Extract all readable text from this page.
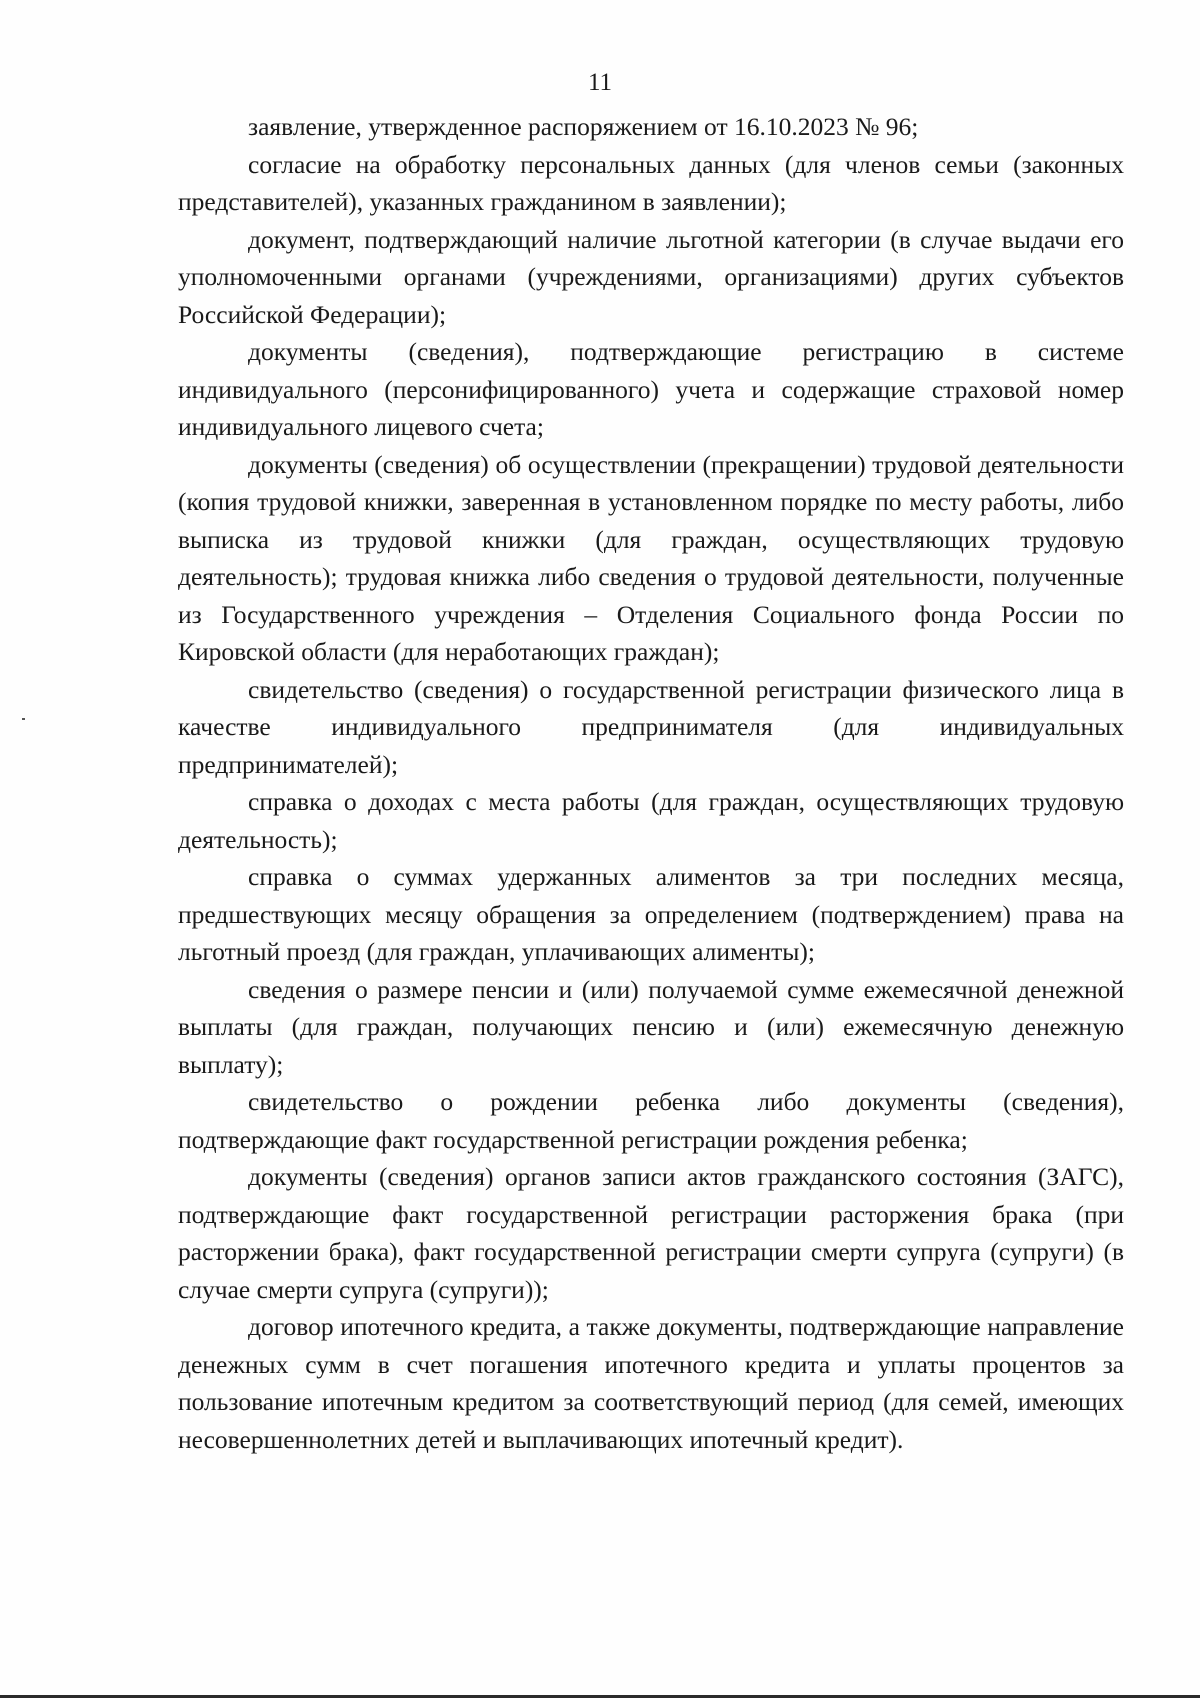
11

заявление, утвержденное распоряжением от 16.10.2023 № 96;

согласие на обработку персональных данных (для членов семьи (законных представителей), указанных гражданином в заявлении);

документ, подтверждающий наличие льготной категории (в случае выдачи его уполномоченными органами (учреждениями, организациями) других субъектов Российской Федерации);

документы (сведения), подтверждающие регистрацию в системе индивидуального (персонифицированного) учета и содержащие страховой номер индивидуального лицевого счета;

документы (сведения) об осуществлении (прекращении) трудовой деятельности (копия трудовой книжки, заверенная в установленном порядке по месту работы, либо выписка из трудовой книжки (для граждан, осуществляющих трудовую деятельность); трудовая книжка либо сведения о трудовой деятельности, полученные из Государственного учреждения – Отделения Социального фонда России по Кировской области (для неработающих граждан);

свидетельство (сведения) о государственной регистрации физического лица в качестве индивидуального предпринимателя (для индивидуальных предпринимателей);

справка о доходах с места работы (для граждан, осуществляющих трудовую деятельность);

справка о суммах удержанных алиментов за три последних месяца, предшествующих месяцу обращения за определением (подтверждением) права на льготный проезд (для граждан, уплачивающих алименты);

сведения о размере пенсии и (или) получаемой сумме ежемесячной денежной выплаты (для граждан, получающих пенсию и (или) ежемесячную денежную выплату);

свидетельство о рождении ребенка либо документы (сведения), подтверждающие факт государственной регистрации рождения ребенка;

документы (сведения) органов записи актов гражданского состояния (ЗАГС), подтверждающие факт государственной регистрации расторжения брака (при расторжении брака), факт государственной регистрации смерти супруга (супруги) (в случае смерти супруга (супруги));

договор ипотечного кредита, а также документы, подтверждающие направление денежных сумм в счет погашения ипотечного кредита и уплаты процентов за пользование ипотечным кредитом за соответствующий период (для семей, имеющих несовершеннолетних детей и выплачивающих ипотечный кредит).
